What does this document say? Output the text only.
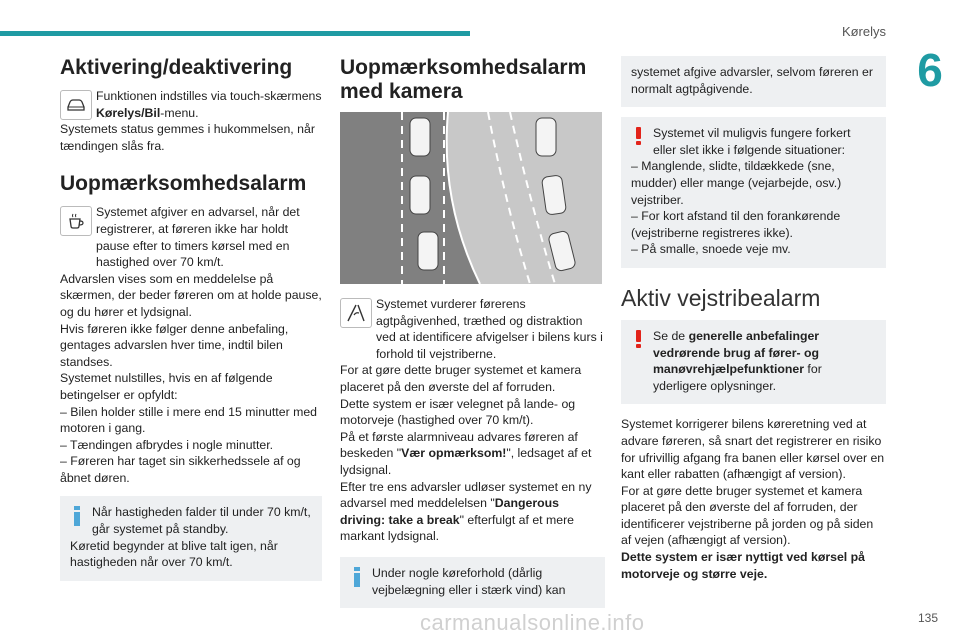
Kørelys
6
Aktivering/deaktivering

Funktionen indstilles via touch-skærmens Kørelys/Bil-menu.

Systemets status gemmes i hukommelsen, når tændingen slås fra.

Uopmærksomhedsalarm

Systemet afgiver en advarsel, når det registrerer, at føreren ikke har holdt pause efter to timers kørsel med en hastighed over 70 km/t.

Advarslen vises som en meddelelse på skærmen, der beder føreren om at holde pause, og du hører et lydsignal.

Hvis føreren ikke følger denne anbefaling, gentages advarslen hver time, indtil bilen standses.

Systemet nulstilles, hvis en af følgende betingelser er opfyldt:

– Bilen holder stille i mere end 15 minutter med motoren i gang.

– Tændingen afbrydes i nogle minutter.

– Føreren har taget sin sikkerhedssele af og åbnet døren.

Når hastigheden falder til under 70 km/t, går systemet på standby.

Køretid begynder at blive talt igen, når hastigheden når over 70 km/t.

Uopmærksomhedsalarm med kamera

Systemet vurderer førerens agtpågivenhed, træthed og distraktion ved at identificere afvigelser i bilens kurs i forhold til vejstriberne.

For at gøre dette bruger systemet et kamera placeret på den øverste del af forruden.

Dette system er især velegnet på lande- og motorveje (hastighed over 70 km/t).

På et første alarmniveau advares føreren af beskeden "Vær opmærksom!", ledsaget af et lydsignal.

Efter tre ens advarsler udløser systemet en ny advarsel med meddelelsen "Dangerous driving: take a break" efterfulgt af et mere markant lydsignal.

Under nogle køreforhold (dårlig vejbelægning eller i stærk vind) kan

systemet afgive advarsler, selvom føreren er normalt agtpågivende.

Systemet vil muligvis fungere forkert eller slet ikke i følgende situationer:

– Manglende, slidte, tildækkede (sne, mudder) eller mange (vejarbejde, osv.) vejstriber.

– For kort afstand til den forankørende (vejstriberne registreres ikke).

– På smalle, snoede veje mv.

Aktiv vejstribealarm

Se de generelle anbefalinger vedrørende brug af fører- og manøvrehjælpefunktioner for yderligere oplysninger.

Systemet korrigerer bilens køreretning ved at advare føreren, så snart det registrerer en risiko for ufrivillig afgang fra banen eller kørsel over en kant eller rabatten (afhængigt af version).

For at gøre dette bruger systemet et kamera placeret på den øverste del af forruden, der identificerer vejstriberne på jorden og på siden af vejen (afhængigt af version).

Dette system er især nyttigt ved kørsel på motorveje og større veje.

carmanualsonline.info	135
